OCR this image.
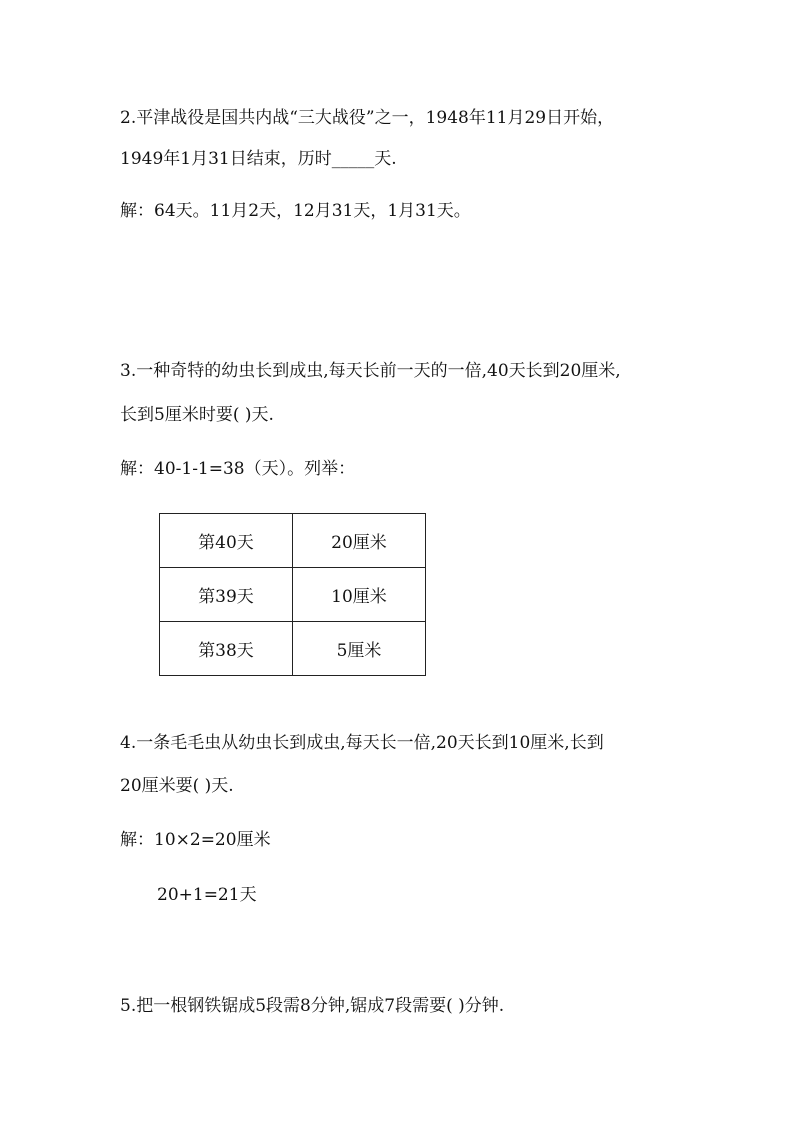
2.平津战役是国共内战“三大战役”之一，1948年11月29日开始，
1949年1月31日结束，历时_____天.
解：64天。11月2天，12月31天，1月31天。
3.一种奇特的幼虫长到成虫,每天长前一天的一倍,40天长到20厘米,
长到5厘米时要( )天.
解：40-1-1=38（天）。列举：
第40天	20厘米
第39天	10厘米
第38天	5厘米
4.一条毛毛虫从幼虫长到成虫,每天长一倍,20天长到10厘米,长到
20厘米要( )天.
解：10×2=20厘米
20+1=21天
5.把一根钢铁锯成5段需8分钟,锯成7段需要( )分钟.
